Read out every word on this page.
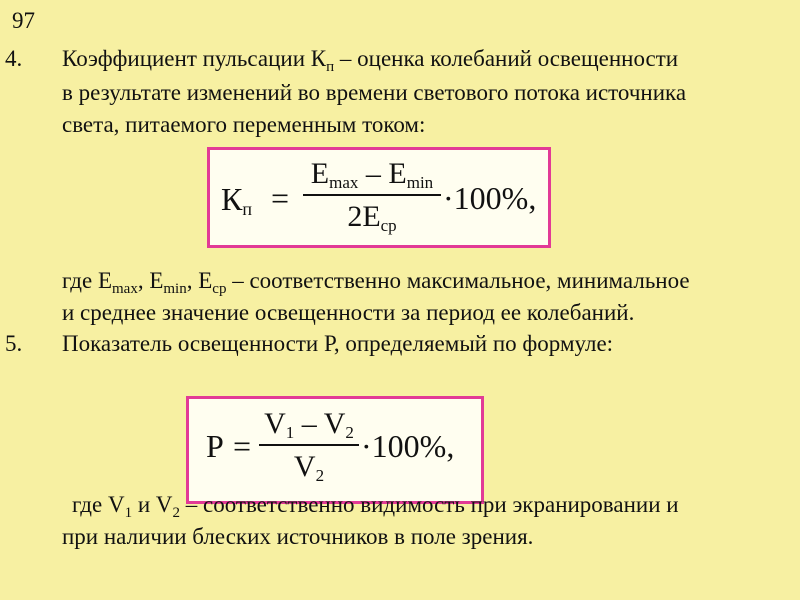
97
4. Коэффициент пульсации $К_п$ – оценка колебаний освещенности
в результате изменений во времени светового потока источника
света, питаемого переменным током:
$К_п$ =
$E_{max} - E_{min}$
$2E_{ср}$
·100%,
где $E_{max}$, $E_{min}$, $E_{ср}$ – соответственно максимальное, минимальное
и среднее значение освещенности за период ее колебаний.
5. Показатель освещенности Р, определяемый по формуле:
P =
$V_1 - V_2$
$V_2$
·100%,
где $V_1$ и $V_2$ – соответственно видимость при экранировании и
при наличии блеских источников в поле зрения.
